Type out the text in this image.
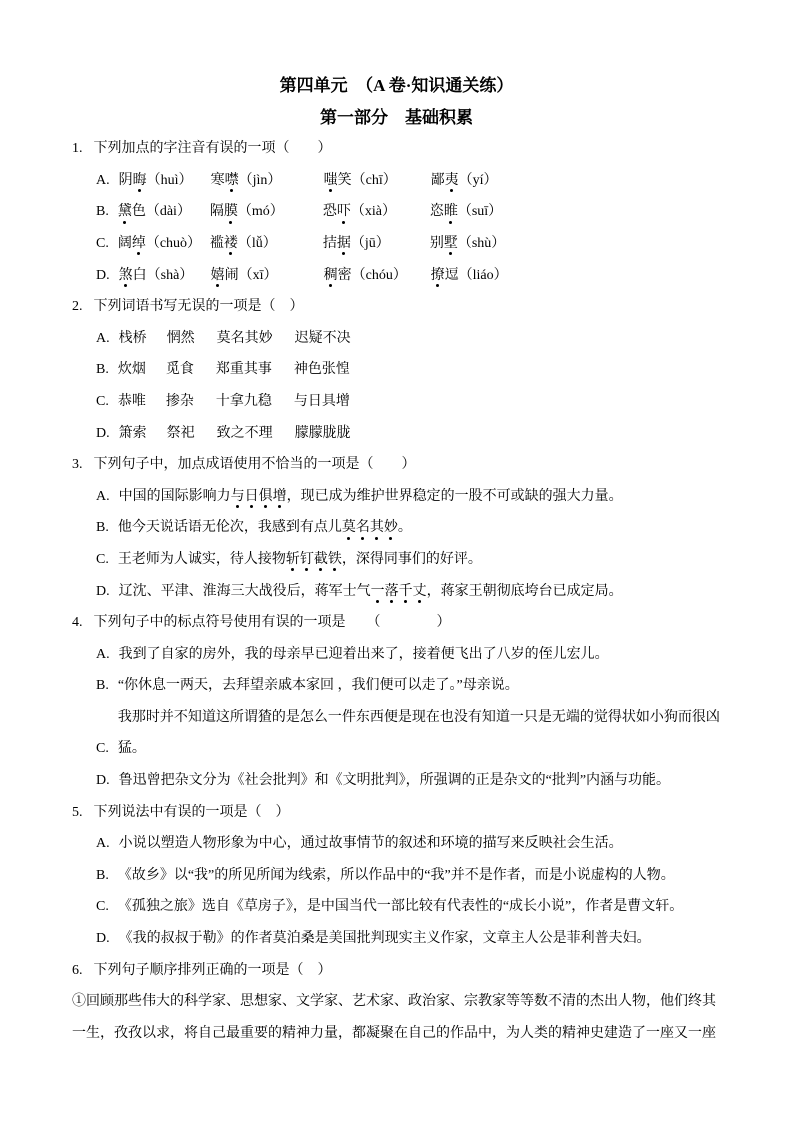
第四单元　（A 卷·知识通关练）

第一部分　基础积累

1. 下列加点的字注音有误的一项（　　）

A. 阴晦（huì） 寒噤（jìn）	嗤笑（chī） 鄙夷（yí）

B. 黛色（dài） 隔膜（mó）	恐吓（xià） 恣睢（suī）

C. 阔绰（chuò） 褴褛（lǚ）	拮据（jū）	别墅（shù）

D. 煞白（shà） 嬉闹（xī）	稠密（chóu） 撩逗（liáo）

2. 下列词语书写无误的一项是（　）

A. 栈桥 惘然 莫名其妙 迟疑不决

B. 炊烟 觅食 郑重其事 神色张惶

C. 恭唯 掺杂 十拿九稳 与日具增

D. 箫索 祭祀 致之不理 朦朦胧胧

3. 下列句子中，加点成语使用不恰当的一项是（　　）

A. 中国的国际影响力与日俱增，现已成为维护世界稳定的一股不可或缺的强大力量。

B. 他今天说话语无伦次，我感到有点儿莫名其妙。

C. 王老师为人诚实，待人接物斩钉截铁，深得同事们的好评。

D. 辽沈、平津、淮海三大战役后，蒋军士气一落千丈，蒋家王朝彻底垮台已成定局。

4. 下列句子中的标点符号使用有误的一项是　　（　　　　）

A. 我到了自家的房外，我的母亲早已迎着出来了，接着便飞出了八岁的侄儿宏儿。

B. “你休息一两天，去拜望亲戚本家回 ，我们便可以走了。”母亲说。

C.我那时并不知道这所谓猹的是怎么一件东西便是现在也没有知道一只是无端的觉得状如小狗而很凶
猛。

D. 鲁迅曾把杂文分为《社会批判》和《文明批判》，所强调的正是杂文的“批判”内涵与功能。

5. 下列说法中有误的一项是（　）

A. 小说以塑造人物形象为中心，通过故事情节的叙述和环境的描写来反映社会生活。

B. 《故乡》以“我”的所见所闻为线索，所以作品中的“我”并不是作者，而是小说虚构的人物。

C. 《孤独之旅》选自《草房子》，是中国当代一部比较有代表性的“成长小说”，作者是曹文轩。

D. 《我的叔叔于勒》的作者莫泊桑是美国批判现实主义作家，文章主人公是菲利普夫妇。

6. 下列句子顺序排列正确的一项是（　）

①回顾那些伟大的科学家、思想家、文学家、艺术家、政治家、宗教家等等数不清的杰出人物，他们终其
一生，孜孜以求，将自己最重要的精神力量，都凝聚在自己的作品中，为人类的精神史建造了一座又一座
